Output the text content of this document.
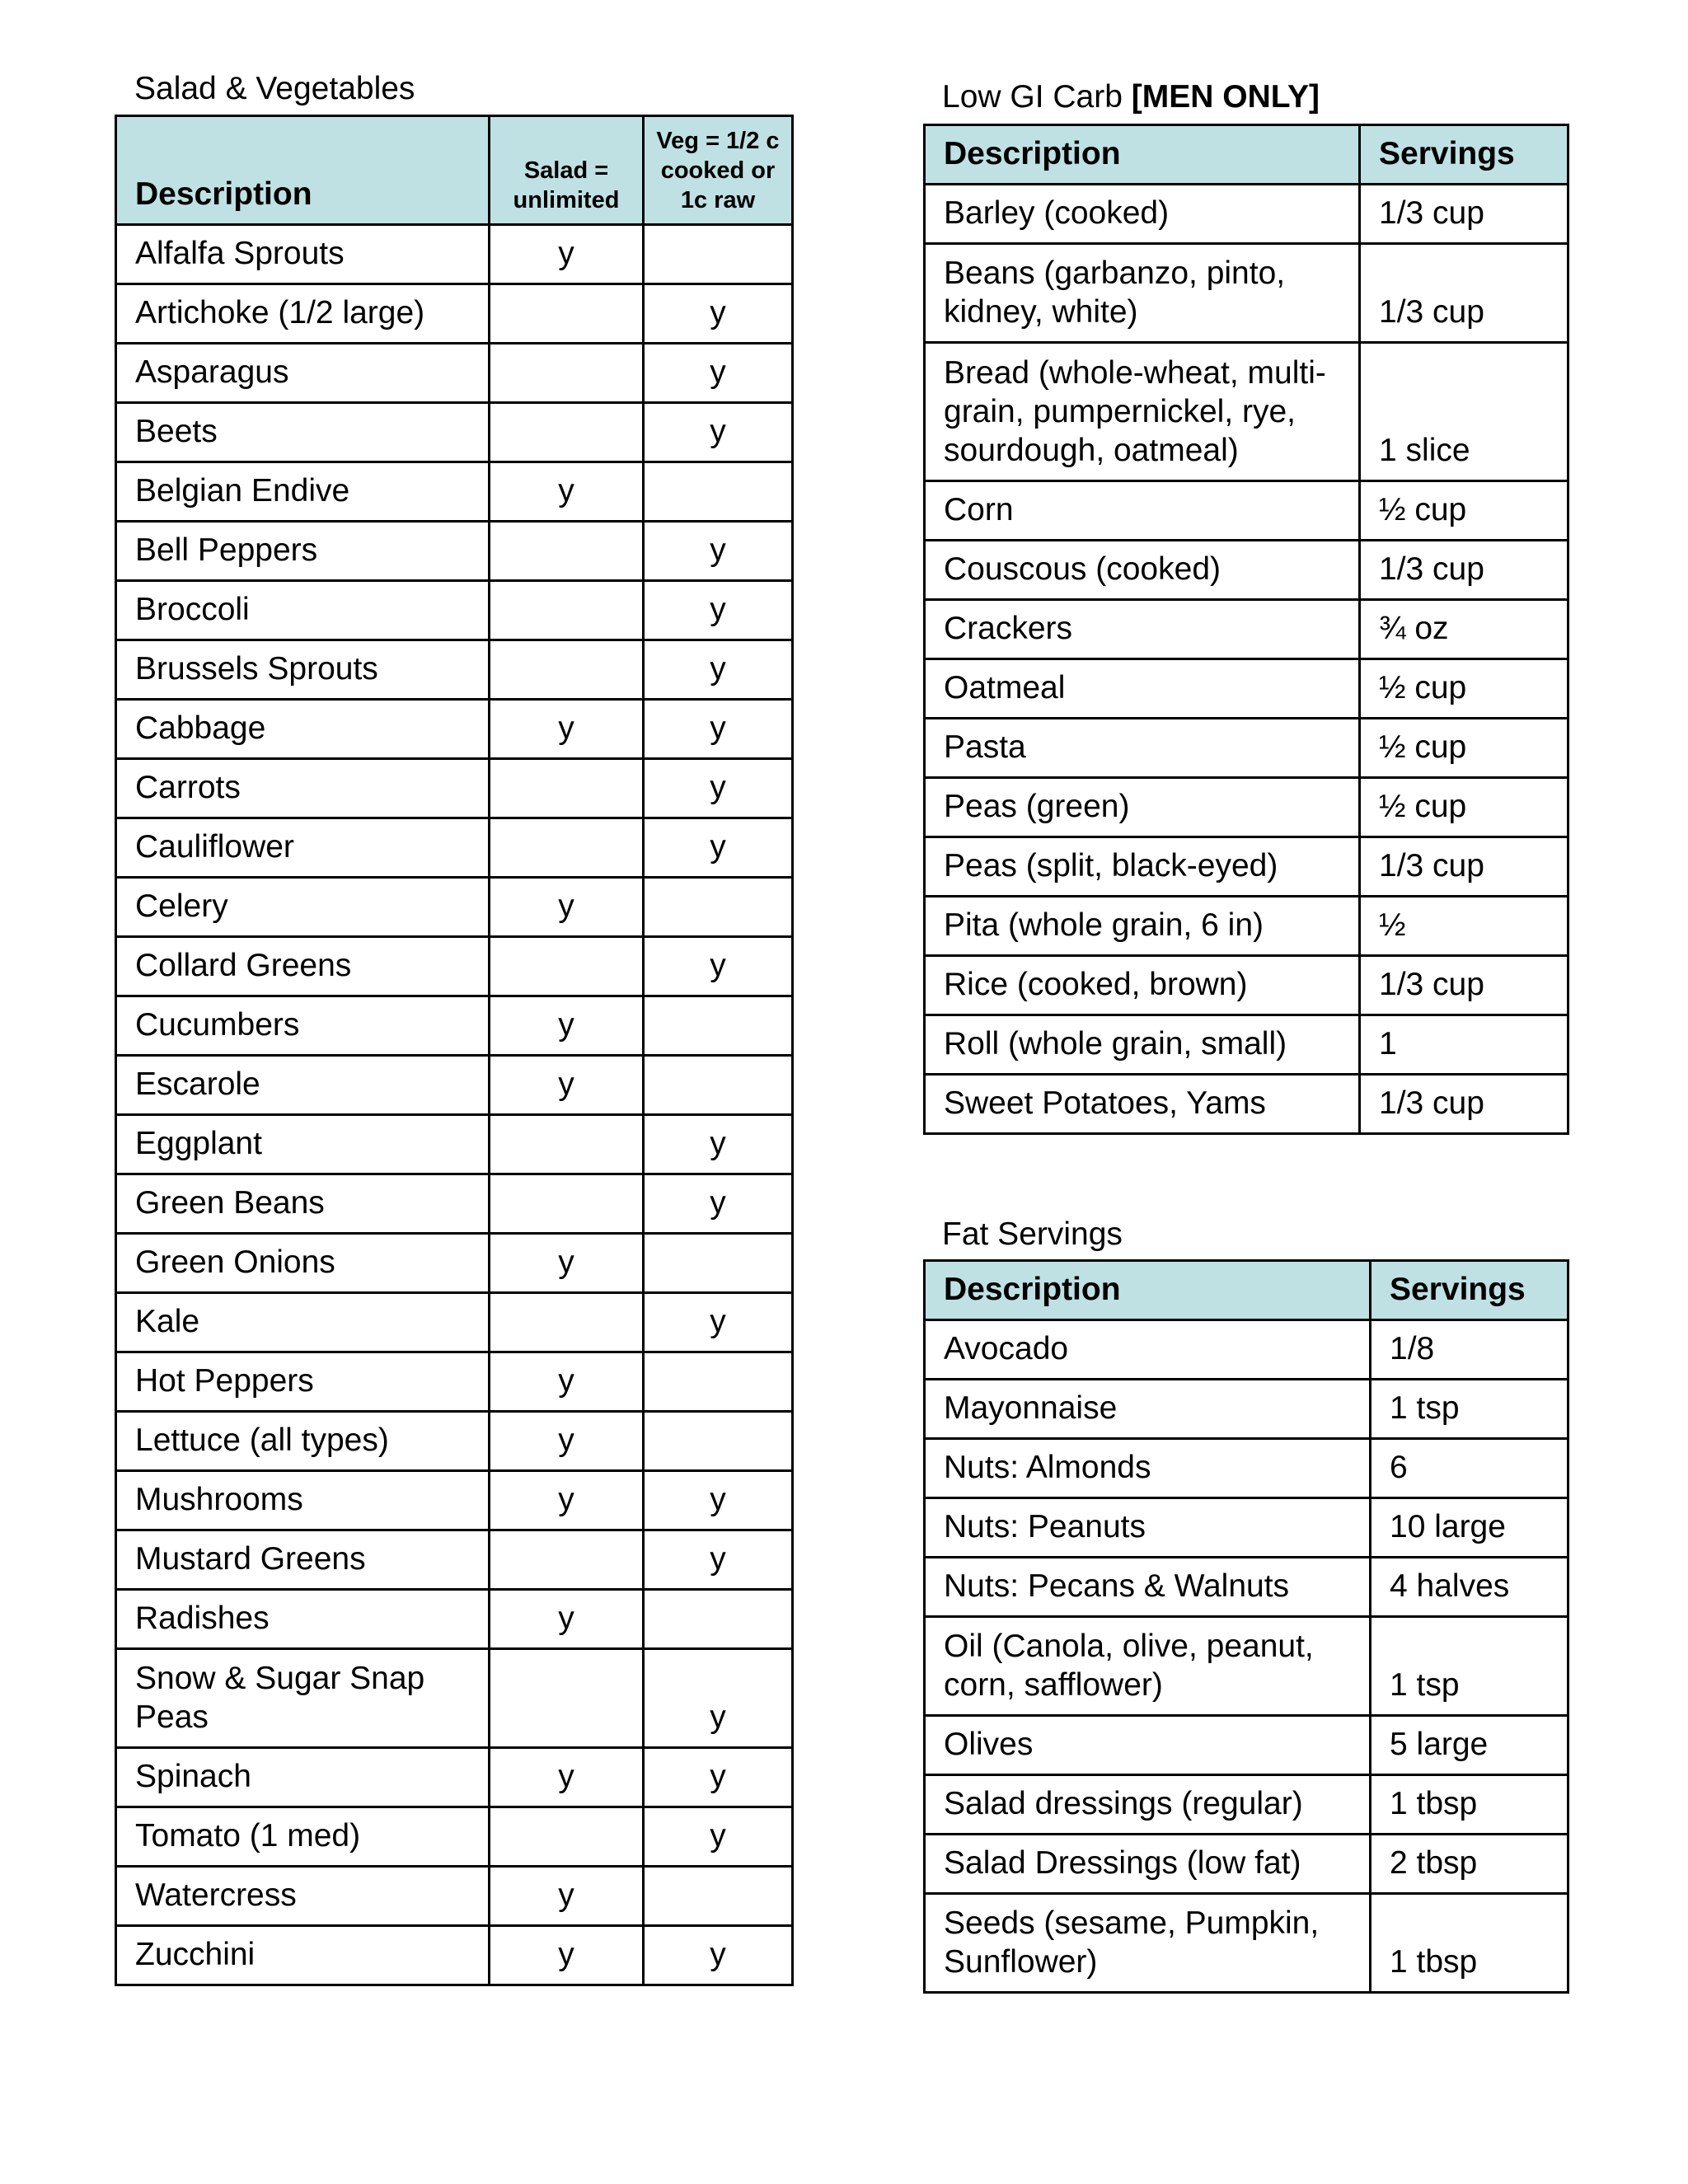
Salad & Vegetables
Description	Salad = unlimited	Veg = 1/2 c cooked or 1c raw
Alfalfa Sprouts	y	
Artichoke (1/2 large)		y
Asparagus		y
Beets		y
Belgian Endive	y	
Bell Peppers		y
Broccoli		y
Brussels Sprouts		y
Cabbage	y	y
Carrots		y
Cauliflower		y
Celery	y	
Collard Greens		y
Cucumbers	y	
Escarole	y	
Eggplant		y
Green Beans		y
Green Onions	y	
Kale		y
Hot Peppers	y	
Lettuce (all types)	y	
Mushrooms	y	y
Mustard Greens		y
Radishes	y	
Snow & Sugar Snap Peas		y
Spinach	y	y
Tomato (1 med)		y
Watercress	y	
Zucchini	y	y
Low GI Carb [MEN ONLY]
Description	Servings
Barley (cooked)	1/3 cup
Beans (garbanzo, pinto, kidney, white)	1/3 cup
Bread (whole-wheat, multi-grain, pumpernickel, rye, sourdough, oatmeal)	1 slice
Corn	½ cup
Couscous (cooked)	1/3 cup
Crackers	¾ oz
Oatmeal	½ cup
Pasta	½ cup
Peas (green)	½ cup
Peas (split, black-eyed)	1/3 cup
Pita (whole grain, 6 in)	½
Rice (cooked, brown)	1/3 cup
Roll (whole grain, small)	1
Sweet Potatoes, Yams	1/3 cup
Fat Servings
Description	Servings
Avocado	1/8
Mayonnaise	1 tsp
Nuts: Almonds	6
Nuts: Peanuts	10 large
Nuts: Pecans & Walnuts	4 halves
Oil (Canola, olive, peanut, corn, safflower)	1 tsp
Olives	5 large
Salad dressings (regular)	1 tbsp
Salad Dressings (low fat)	2 tbsp
Seeds (sesame, Pumpkin, Sunflower)	1 tbsp
